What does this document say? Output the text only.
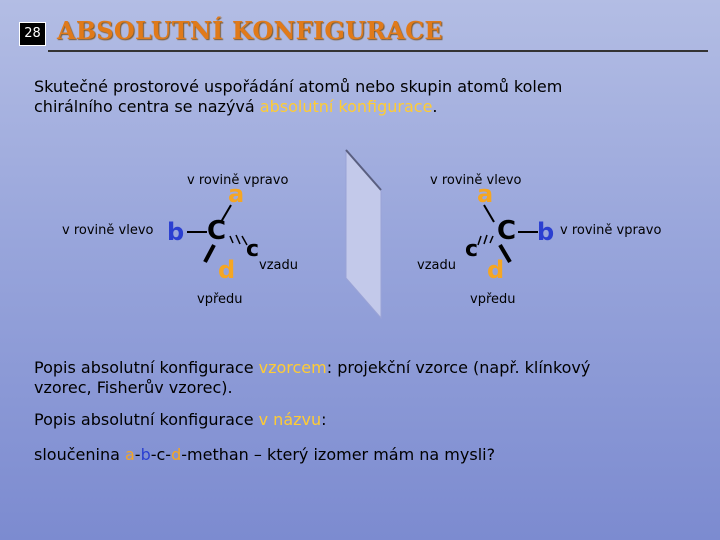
28 ABSOLUTNÍ KONFIGURACE
Skutečné prostorové uspořádání atomů nebo skupin atomů kolem
chirálního centra se nazývá absolutní konfigurace.
v rovině vpravo
v rovině vlevo
vzadu
vpředu
a
b C
c
d
v rovině vlevo
v rovině vpravo
vzadu
vpředu
a
b
C
c
d
Popis absolutní konfigurace vzorcem: projekční vzorce (např. klínkový
vzorec, Fisherův vzorec).
Popis absolutní konfigurace v názvu:
sloučenina a-b-c-d-methan – který izomer mám na mysli?
